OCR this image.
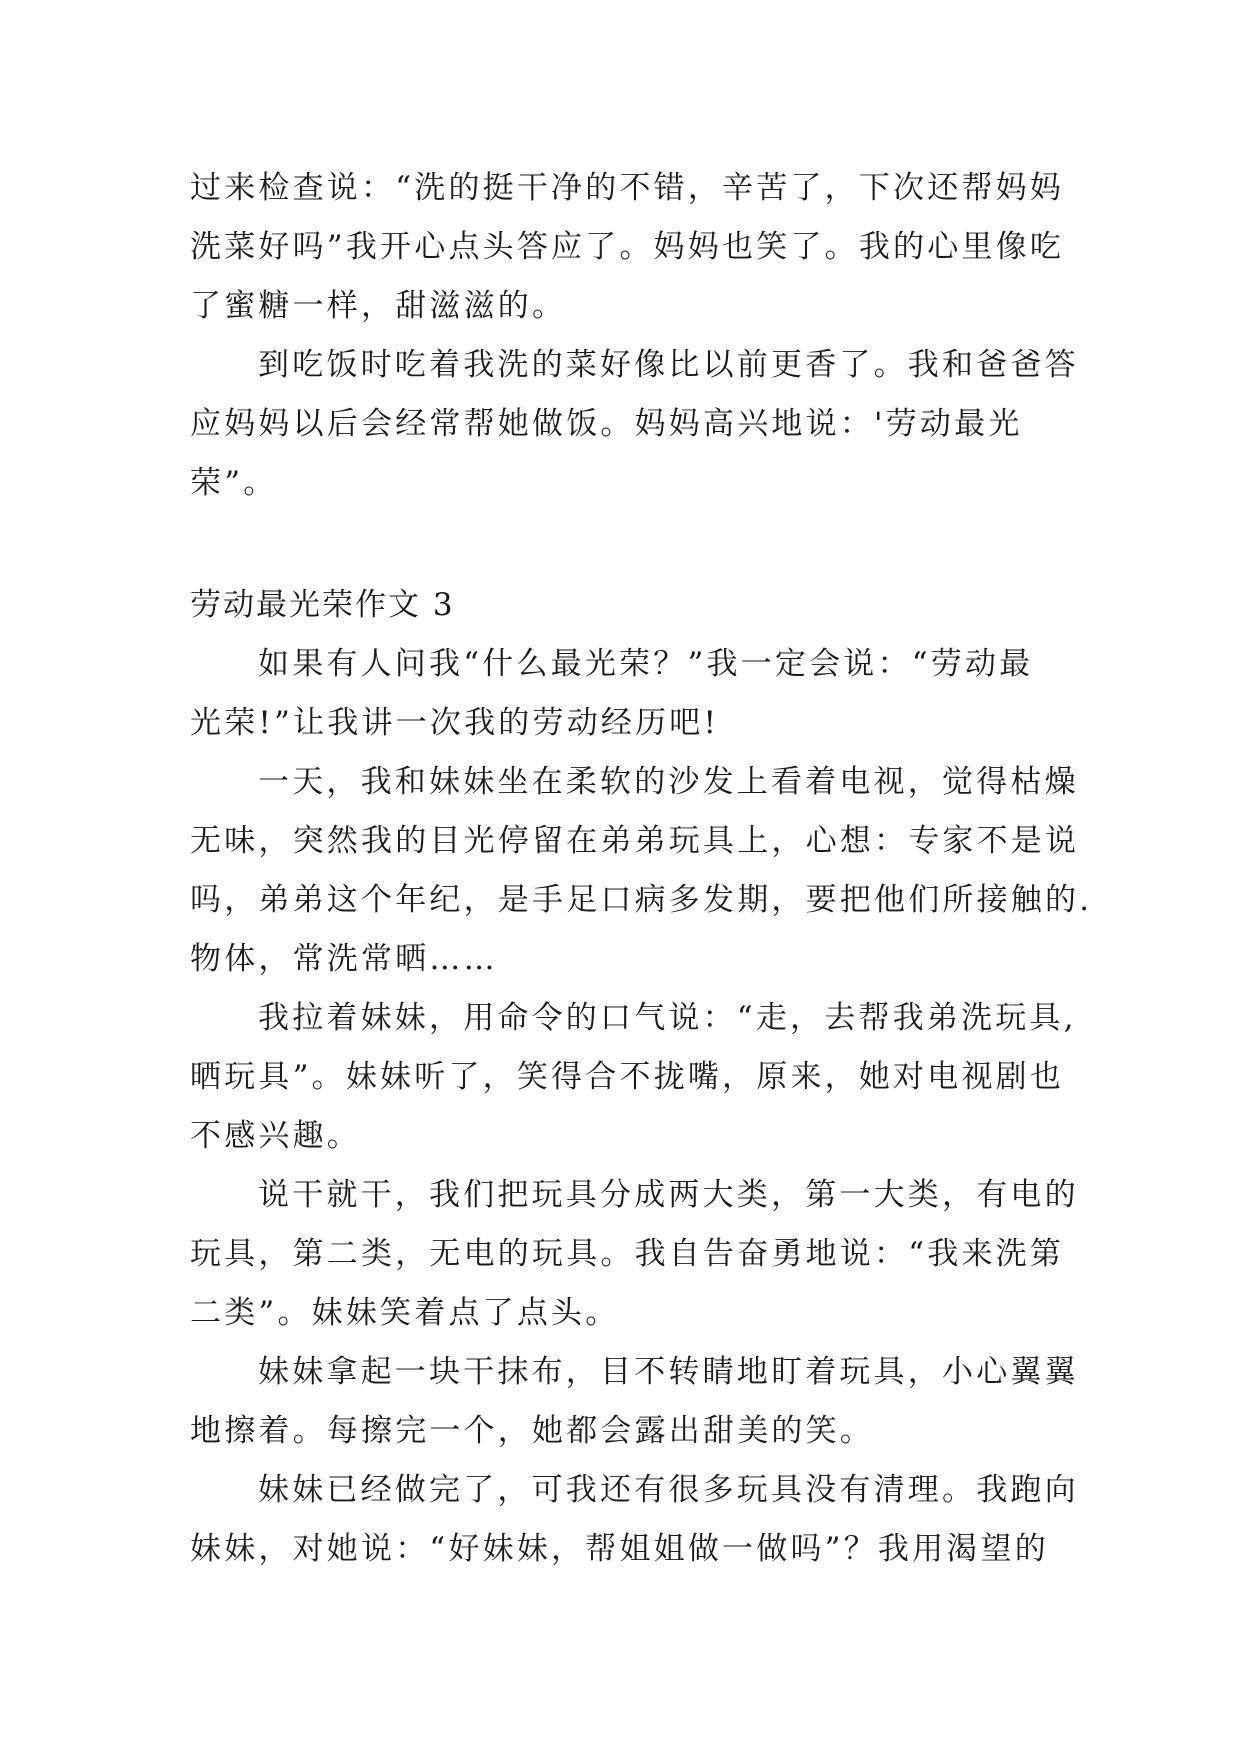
过来检查说：“洗的挺干净的不错，辛苦了，下次还帮妈妈
洗菜好吗”我开心点头答应了。妈妈也笑了。我的心里像吃
了蜜糖一样，甜滋滋的。
到吃饭时吃着我洗的菜好像比以前更香了。我和爸爸答
应妈妈以后会经常帮她做饭。妈妈高兴地说：'劳动最光
荣”。
劳动最光荣作文 3
如果有人问我“什么最光荣？”我一定会说：“劳动最
光荣!”让我讲一次我的劳动经历吧!
一天，我和妹妹坐在柔软的沙发上看着电视，觉得枯燥
无味，突然我的目光停留在弟弟玩具上，心想：专家不是说
吗，弟弟这个年纪，是手足口病多发期，要把他们所接触的.
物体，常洗常晒……
我拉着妹妹，用命令的口气说：“走，去帮我弟洗玩具,
晒玩具”。妹妹听了，笑得合不拢嘴，原来，她对电视剧也
不感兴趣。
说干就干，我们把玩具分成两大类，第一大类，有电的
玩具，第二类，无电的玩具。我自告奋勇地说：“我来洗第
二类”。妹妹笑着点了点头。
妹妹拿起一块干抹布，目不转睛地盯着玩具，小心翼翼
地擦着。每擦完一个，她都会露出甜美的笑。
妹妹已经做完了，可我还有很多玩具没有清理。我跑向
妹妹，对她说：“好妹妹，帮姐姐做一做吗”？我用渴望的
